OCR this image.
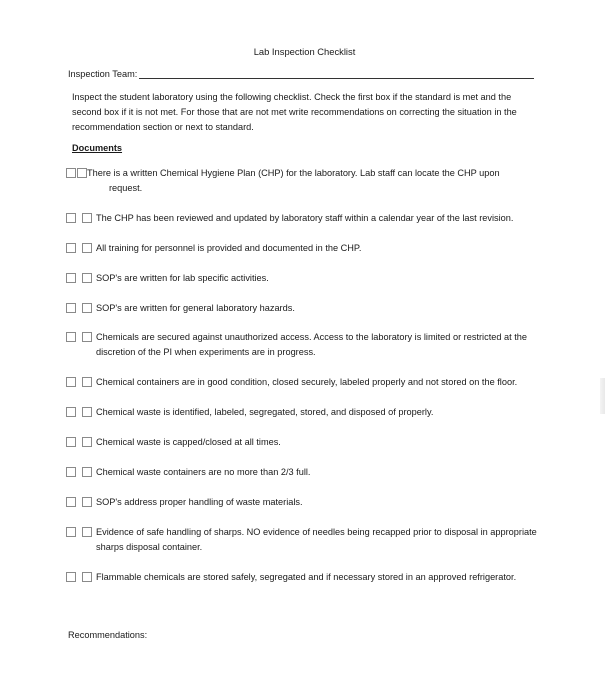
Lab Inspection Checklist
Inspection Team:

Inspect the student laboratory using the following checklist. Check the first box if the standard is met and the second box if it is not met. For those that are not met write recommendations on correcting the situation in the recommendation section or next to standard.

Documents

There is a written Chemical Hygiene Plan (CHP) for the laboratory. Lab staff can locate the CHP upon request.

The CHP has been reviewed and updated by laboratory staff within a calendar year of the last revision.

All training for personnel is provided and documented in the CHP.

SOP's are written for lab specific activities.

SOP's are written for general laboratory hazards.

Chemicals are secured against unauthorized access. Access to the laboratory is limited or restricted at the discretion of the PI when experiments are in progress.

Chemical containers are in good condition, closed securely, labeled properly and not stored on the floor.

Chemical waste is identified, labeled, segregated, stored, and disposed of properly.

Chemical waste is capped/closed at all times.

Chemical waste containers are no more than 2/3 full.

SOP's address proper handling of waste materials.

Evidence of safe handling of sharps. NO evidence of needles being recapped prior to disposal in appropriate sharps disposal container.

Flammable chemicals are stored safely, segregated and if necessary stored in an approved refrigerator.

Recommendations:
